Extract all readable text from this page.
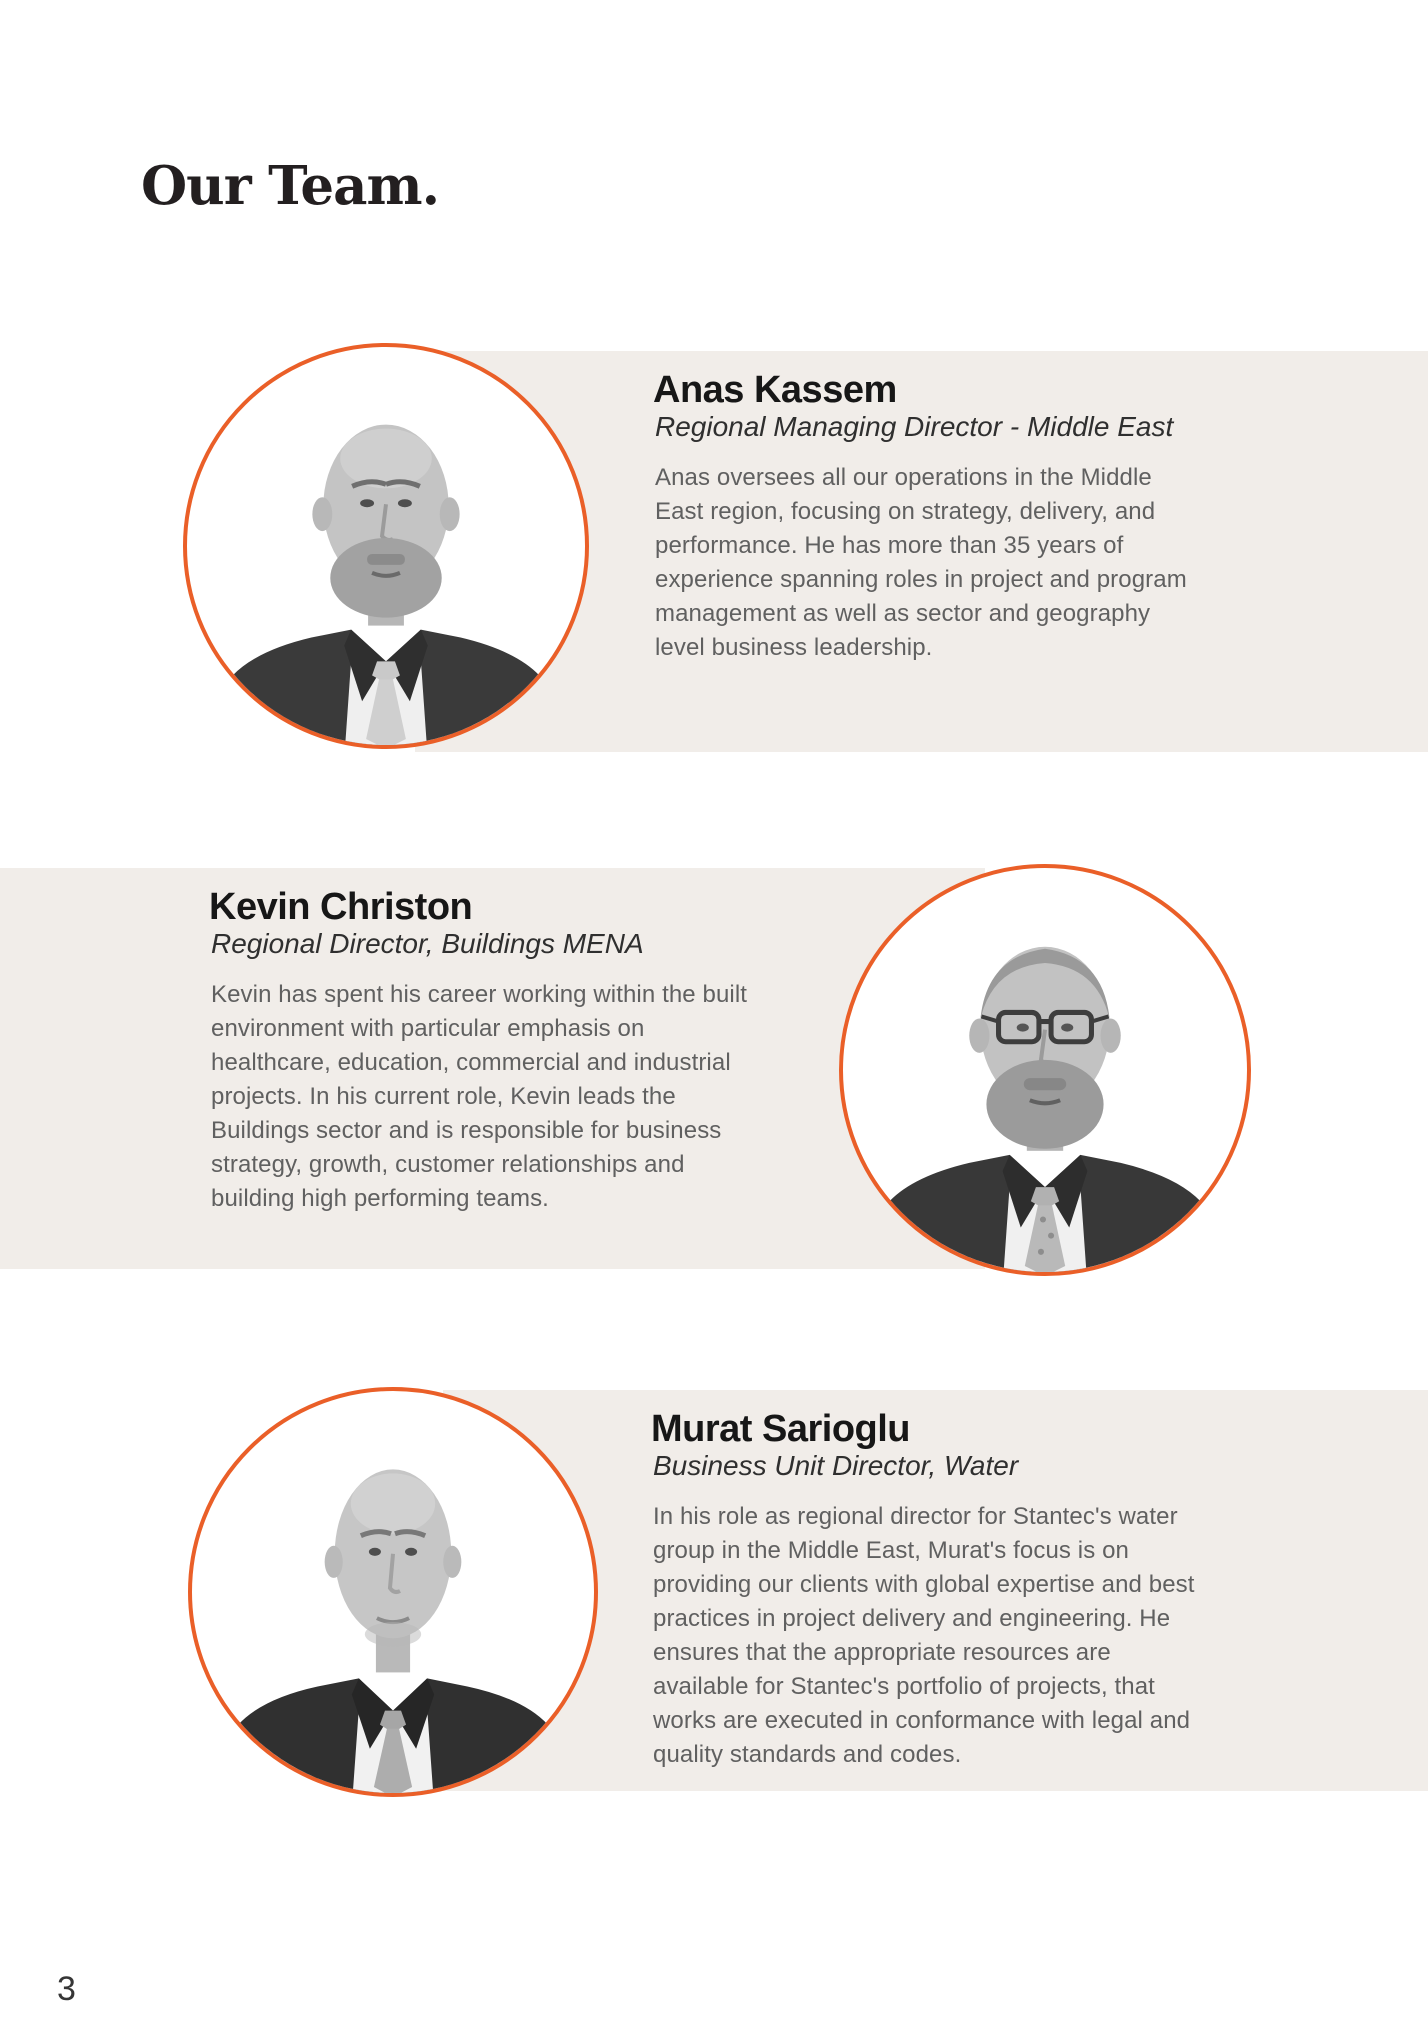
Our Team.
Anas Kassem
Regional Managing Director - Middle East
Anas oversees all our operations in the Middle
East region, focusing on strategy, delivery, and
performance. He has more than 35 years of
experience spanning roles in project and program
management as well as sector and geography
level business leadership.
Kevin Christon
Regional Director, Buildings MENA
Kevin has spent his career working within the built
environment with particular emphasis on
healthcare, education, commercial and industrial
projects. In his current role, Kevin leads the
Buildings sector and is responsible for business
strategy, growth, customer relationships and
building high performing teams.
Murat Sarioglu
Business Unit Director, Water
In his role as regional director for Stantec's water
group in the Middle East, Murat's focus is on
providing our clients with global expertise and best
practices in project delivery and engineering. He
ensures that the appropriate resources are
available for Stantec's portfolio of projects, that
works are executed in conformance with legal and
quality standards and codes.
3
